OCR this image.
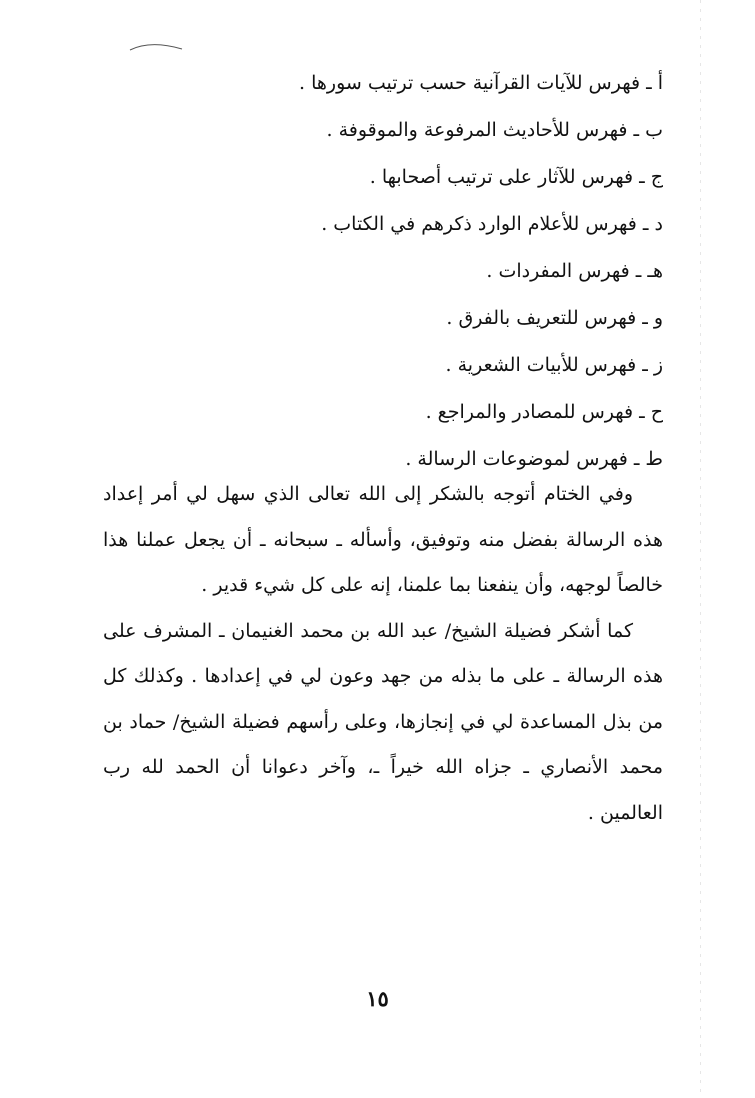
أ ـ فهرس للآيات القرآنية حسب ترتيب سورها .
ب ـ فهرس للأحاديث المرفوعة والموقوفة .
ج ـ فهرس للآثار على ترتيب أصحابها .
د ـ فهرس للأعلام الوارد ذكرهم في الكتاب .
هـ ـ فهرس المفردات .
و ـ فهرس للتعريف بالفرق .
ز ـ فهرس للأبيات الشعرية .
ح ـ فهرس للمصادر والمراجع .
ط ـ فهرس لموضوعات الرسالة .

وفي الختام أتوجه بالشكر إلى الله تعالى الذي سهل لي أمر إعداد هذه الرسالة بفضل منه وتوفيق، وأسأله ـ سبحانه ـ أن يجعل عملنا هذا خالصاً لوجهه، وأن ينفعنا بما علمنا، إنه على كل شيء قدير .

كما أشكر فضيلة الشيخ/ عبد الله بن محمد الغنيمان ـ المشرف على هذه الرسالة ـ على ما بذله من جهد وعون لي في إعدادها . وكذلك كل من بذل المساعدة لي في إنجازها، وعلى رأسهم فضيلة الشيخ/ حماد بن محمد الأنصاري ـ جزاه الله خيراً ـ، وآخر دعوانا أن الحمد لله رب العالمين .

١٥
